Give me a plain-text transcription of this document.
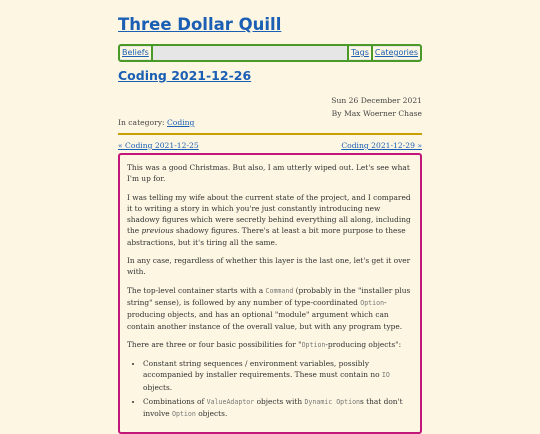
Three Dollar Quill
Beliefs	Tags Categories
Coding 2021-12-26
Sun 26 December 2021
By Max Woerner Chase
In category: Coding
« Coding 2021-12-25	Coding 2021-12-29 »

This was a good Christmas. But also, I am utterly wiped out. Let's see what I'm up for.

I was telling my wife about the current state of the project, and I compared it to writing a story in which you're just constantly introducing new shadowy figures which were secretly behind everything all along, including the previous shadowy figures. There's at least a bit more purpose to these abstractions, but it's tiring all the same.

In any case, regardless of whether this layer is the last one, let's get it over with.

The top-level container starts with a Command (probably in the "installer plus string" sense), is followed by any number of type-coordinated Option-producing objects, and has an optional "module" argument which can contain another instance of the overall value, but with any program type.

There are three or four basic possibilities for "Option-producing objects":

• Constant string sequences / environment variables, possibly accompanied by installer requirements. These must contain no IO objects.
• Combinations of ValueAdaptor objects with Dynamic Options that don't involve Option objects.
